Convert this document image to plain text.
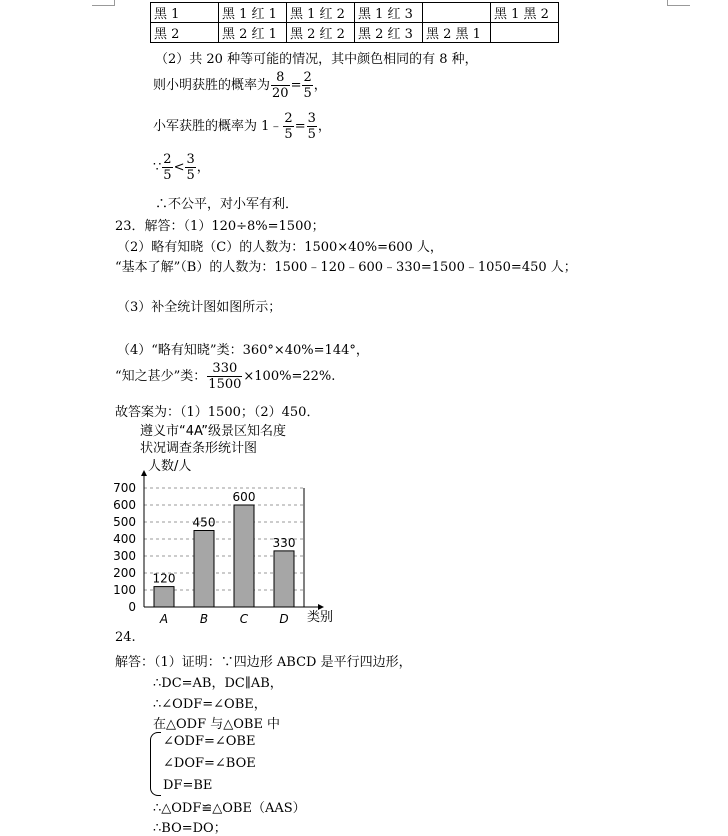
黑 1	黑 1 红 1	黑 1 红 2	黑 1 红 3		黑 1 黑 2
黑 2	黑 2 红 1	黑 2 红 2	黑 2 红 3	黑 2 黑 1	
（2）共 20 种等可能的情况，其中颜色相同的有 8 种，
则小明获胜的概率为 $\frac{8}{20} = \frac{2}{5}$ ，
小军获胜的概率为 1﹣ $\frac{2}{5} = \frac{3}{5}$ ，
∵ $\frac{2}{5} < \frac{3}{5}$ ，
∴不公平，对小军有利．
23．解答：（1）120÷8%=1500；
（2）略有知晓（C）的人数为：1500×40%=600 人，
“基本了解”（B）的人数为：1500﹣120﹣600﹣330=1500﹣1050=450 人；
（3）补全统计图如图所示；
（4）“略有知晓”类：360°×40%=144°，
“知之甚少”类： $\frac{330}{1500} \times 100\%=22\%$.
故答案为：（1）1500；（2）450．
遵义市“4A”级景区知名度
状况调查条形统计图
人数/人
类别
120
450
600
330
700
600
500
400
300
200
100
0
A	B	C	D
24.
解答：（1）证明：∵四边形 ABCD 是平行四边形，
∴DC=AB，DC∥AB，
∴∠ODF=∠OBE，
在△ODF 与△OBE 中
∠ODF=∠OBE
∠DOF=∠BOE
DF=BE
∴△ODF≌△OBE（AAS）
∴BO=DO；
